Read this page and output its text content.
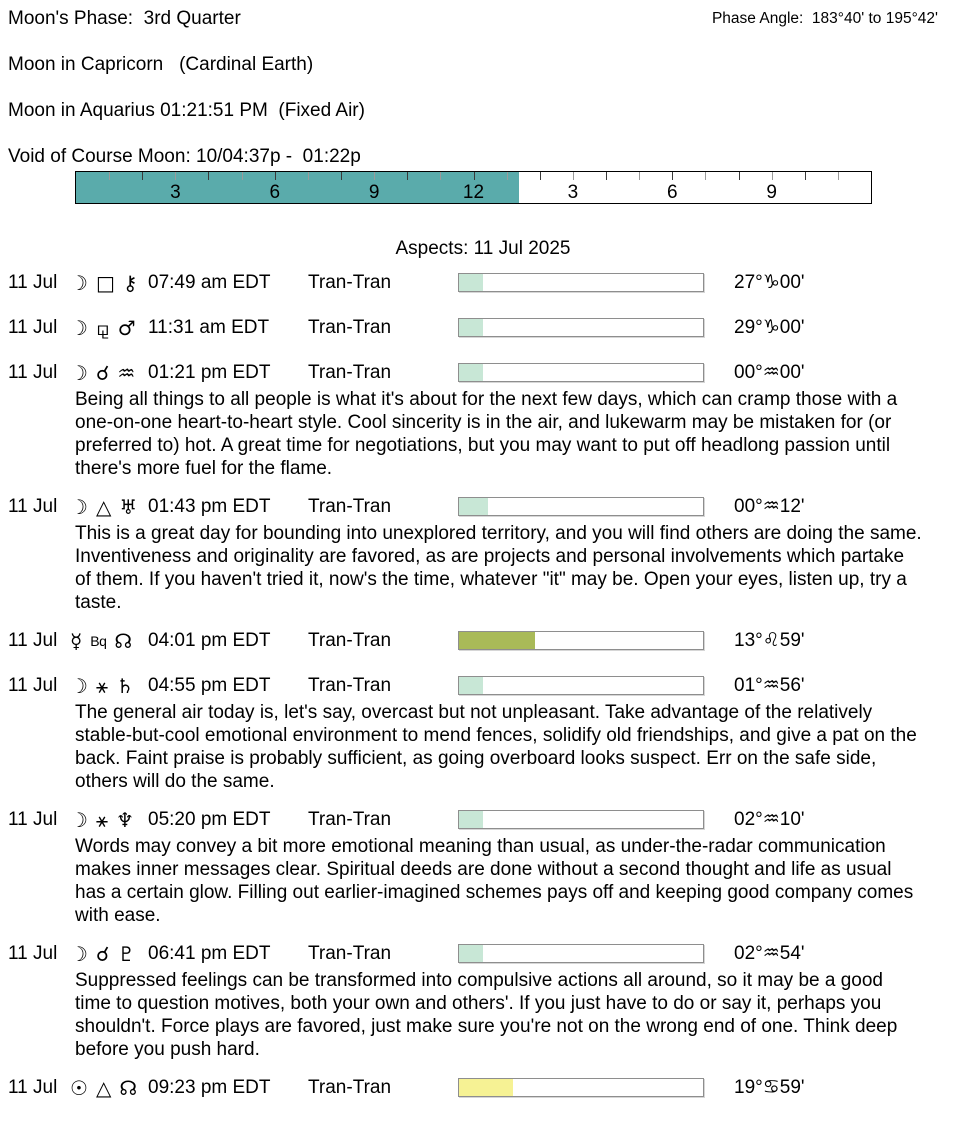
Moon's Phase:  3rd Quarter	Phase Angle:  183°40' to 195°42'
Moon in Capricorn   (Cardinal Earth)
Moon in Aquarius 01:21:51 PM  (Fixed Air)
Void of Course Moon: 10/04:37p -  01:22p
3	6	9	12	3	6	9
Aspects: 11 Jul 2025
11 Jul ☽ □ ⚷ 07:49 am EDT	Tran-Tran	27°♑00'
11 Jul ☽ ⚼ ♂ 11:31 am EDT	Tran-Tran	29°♑00'
11 Jul ☽ ☌ ♒ 01:21 pm EDT	Tran-Tran	00°♒00'
Being all things to all people is what it's about for the next few days, which can cramp those with a one-on-one heart-to-heart style. Cool sincerity is in the air, and lukewarm may be mistaken for (or preferred to) hot. A great time for negotiations, but you may want to put off headlong passion until there's more fuel for the flame.
11 Jul ☽ △ ♅ 01:43 pm EDT	Tran-Tran	00°♒12'
This is a great day for bounding into unexplored territory, and you will find others are doing the same. Inventiveness and originality are favored, as are projects and personal involvements which partake of them. If you haven't tried it, now's the time, whatever "it" may be. Open your eyes, listen up, try a taste.
11 Jul ☿ Bq ☊ 04:01 pm EDT	Tran-Tran	13°♌59'
11 Jul ☽ ⚹ ♄ 04:55 pm EDT	Tran-Tran	01°♒56'
The general air today is, let's say, overcast but not unpleasant. Take advantage of the relatively stable-but-cool emotional environment to mend fences, solidify old friendships, and give a pat on the back. Faint praise is probably sufficient, as going overboard looks suspect. Err on the safe side, others will do the same.
11 Jul ☽ ⚹ ♆ 05:20 pm EDT	Tran-Tran	02°♒10'
Words may convey a bit more emotional meaning than usual, as under-the-radar communication makes inner messages clear. Spiritual deeds are done without a second thought and life as usual has a certain glow. Filling out earlier-imagined schemes pays off and keeping good company comes with ease.
11 Jul ☽ ☌ ♇ 06:41 pm EDT	Tran-Tran	02°♒54'
Suppressed feelings can be transformed into compulsive actions all around, so it may be a good time to question motives, both your own and others'. If you just have to do or say it, perhaps you shouldn't. Force plays are favored, just make sure you're not on the wrong end of one. Think deep before you push hard.
11 Jul ☉ △ ☊ 09:23 pm EDT	Tran-Tran	19°♋59'
